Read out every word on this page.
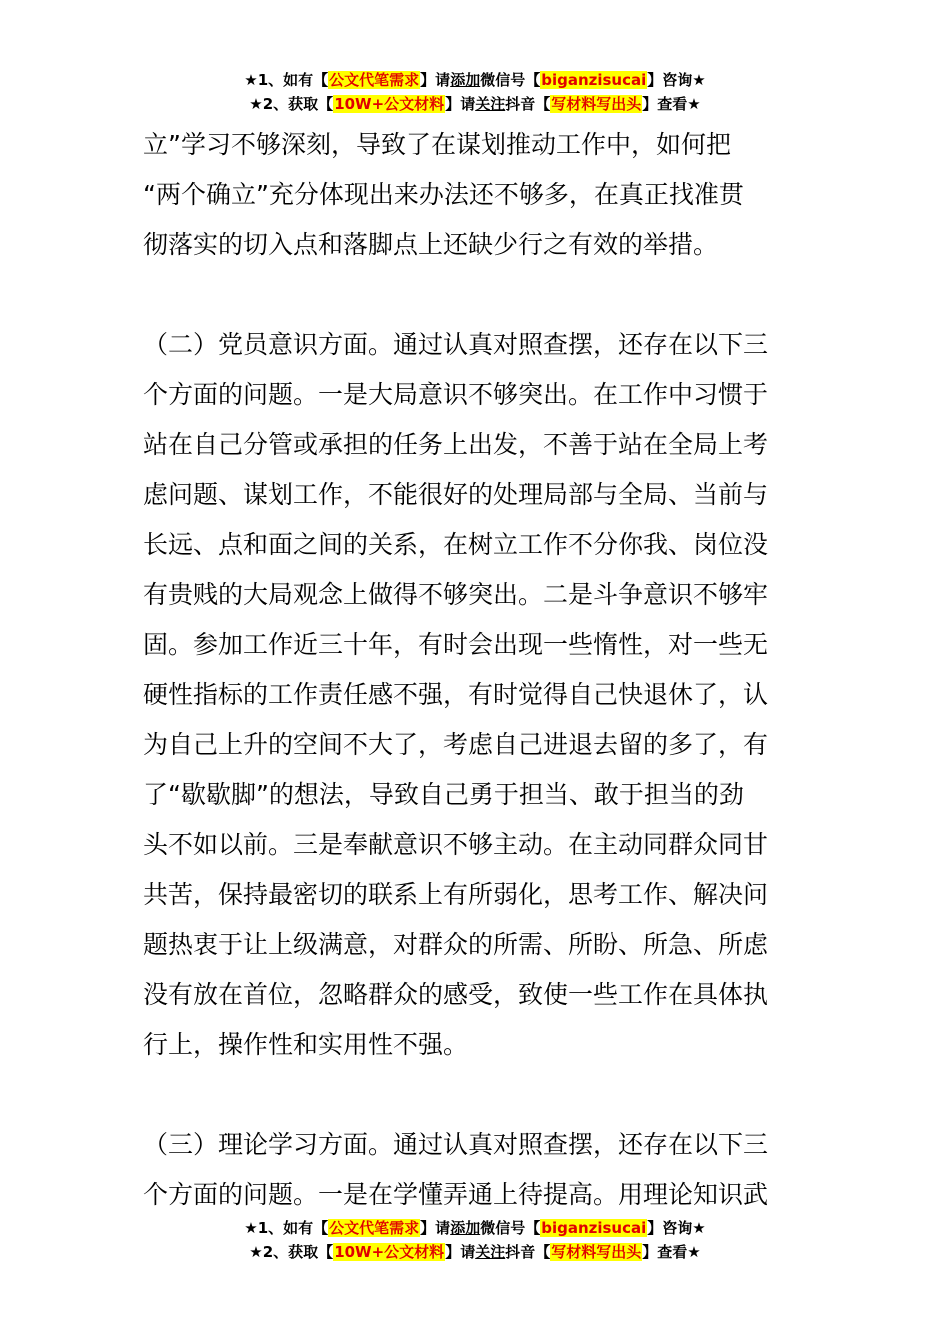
★1、如有【公文代笔需求】请添加微信号【biganzisucai】咨询★
★2、获取【10W+公文材料】请关注抖音【写材料写出头】查看★
立”学习不够深刻，导致了在谋划推动工作中，如何把
“两个确立”充分体现出来办法还不够多，在真正找准贯
彻落实的切入点和落脚点上还缺少行之有效的举措。
（二）党员意识方面。通过认真对照查摆，还存在以下三
个方面的问题。一是大局意识不够突出。在工作中习惯于
站在自己分管或承担的任务上出发，不善于站在全局上考
虑问题、谋划工作，不能很好的处理局部与全局、当前与
长远、点和面之间的关系，在树立工作不分你我、岗位没
有贵贱的大局观念上做得不够突出。二是斗争意识不够牢
固。参加工作近三十年，有时会出现一些惰性，对一些无
硬性指标的工作责任感不强，有时觉得自己快退休了，认
为自己上升的空间不大了，考虑自己进退去留的多了，有
了“歇歇脚”的想法，导致自己勇于担当、敢于担当的劲
头不如以前。三是奉献意识不够主动。在主动同群众同甘
共苦，保持最密切的联系上有所弱化，思考工作、解决问
题热衷于让上级满意，对群众的所需、所盼、所急、所虑
没有放在首位，忽略群众的感受，致使一些工作在具体执
行上，操作性和实用性不强。
（三）理论学习方面。通过认真对照查摆，还存在以下三
个方面的问题。一是在学懂弄通上待提高。用理论知识武
★1、如有【公文代笔需求】请添加微信号【biganzisucai】咨询★
★2、获取【10W+公文材料】请关注抖音【写材料写出头】查看★
